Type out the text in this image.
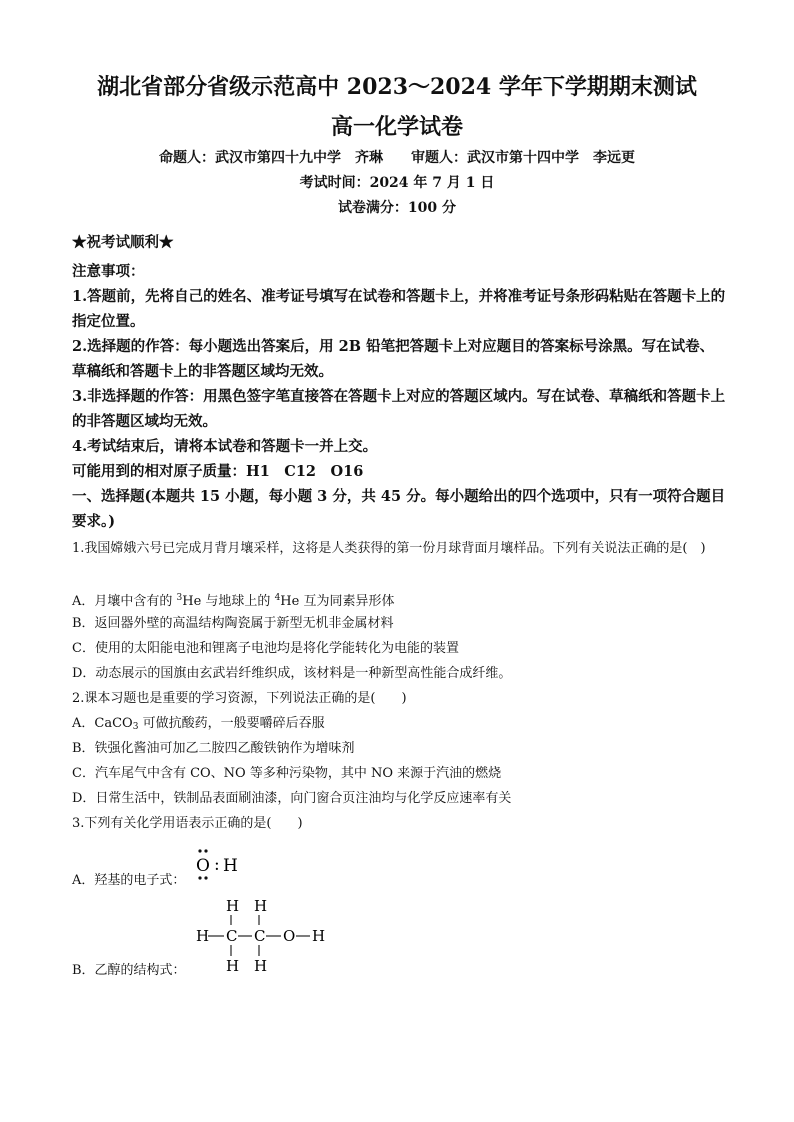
湖北省部分省级示范高中 2023～2024 学年下学期期末测试
高一化学试卷
命题人：武汉市第四十九中学　齐琳　　审题人：武汉市第十四中学　李远更
考试时间：2024 年 7 月 1 日
试卷满分：100 分
★祝考试顺利★
注意事项：
1.答题前，先将自己的姓名、准考证号填写在试卷和答题卡上，并将准考证号条形码粘贴在答题卡上的指定位置。
2.选择题的作答：每小题选出答案后，用 2B 铅笔把答题卡上对应题目的答案标号涂黑。写在试卷、草稿纸和答题卡上的非答题区域均无效。
3.非选择题的作答：用黑色签字笔直接答在答题卡上对应的答题区域内。写在试卷、草稿纸和答题卡上的非答题区域均无效。
4.考试结束后，请将本试卷和答题卡一并上交。
可能用到的相对原子质量：H1　C12　O16
一、选择题(本题共 15 小题，每小题 3 分，共 45 分。每小题给出的四个选项中，只有一项符合题目要求。)
1.我国嫦娥六号已完成月背月壤采样，这将是人类获得的第一份月球背面月壤样品。下列有关说法正确的是(　)
A．月壤中含有的 $^3$He 与地球上的 $^4$He 互为同素异形体
B．返回器外壁的高温结构陶瓷属于新型无机非金属材料
C．使用的太阳能电池和锂离子电池均是将化学能转化为电能的装置
D．动态展示的国旗由玄武岩纤维织成，该材料是一种新型高性能合成纤维。
2.课本习题也是重要的学习资源，下列说法正确的是(　　)
A．CaCO$_3$ 可做抗酸药，一般要嚼碎后吞服
B．铁强化酱油可加乙二胺四乙酸铁钠作为增味剂
C．汽车尾气中含有 CO、NO 等多种污染物，其中 NO 来源于汽油的燃烧
D．日常生活中，铁制品表面刷油漆，向门窗合页注油均与化学反应速率有关
3.下列有关化学用语表示正确的是(　　)
A．羟基的电子式：
O : H
B．乙醇的结构式：
H H
H C C O H
H H
